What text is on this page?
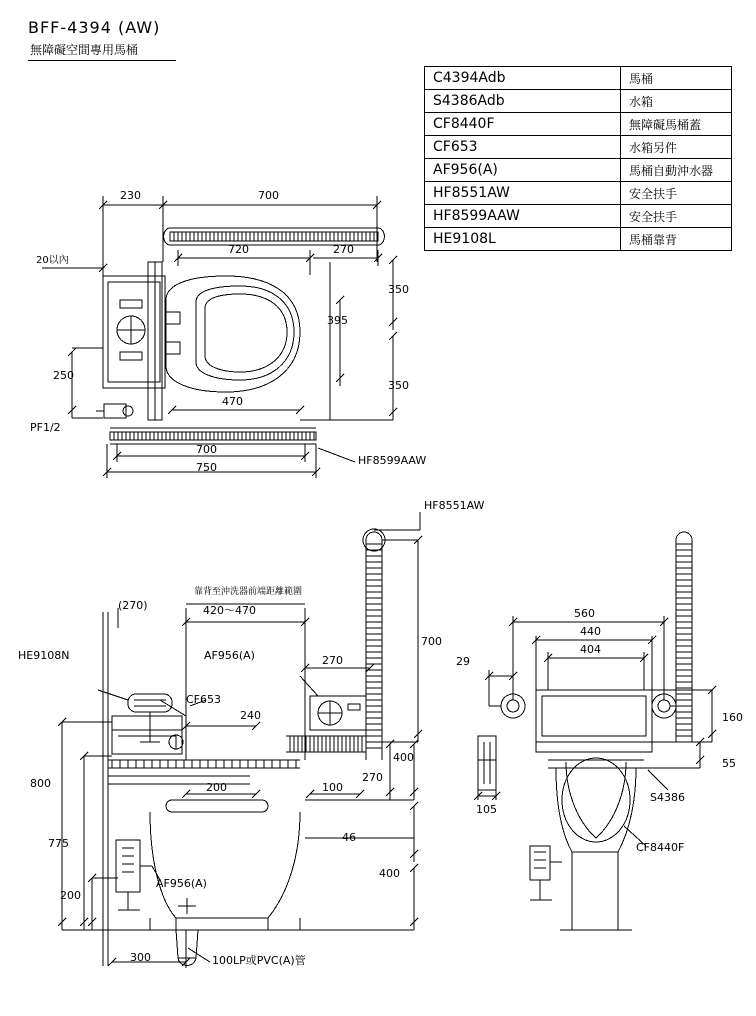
BFF-4394 (AW)
無障礙空間專用馬桶
C4394Adb	馬桶
S4386Adb	水箱
CF8440F	無障礙馬桶蓋
CF653	水箱另件
AF956(A)	馬桶自動沖水器
HF8551AW	安全扶手
HF8599AAW	安全扶手
HE9108L	馬桶靠背
230	700
20以內
720	270
350
395
250
350
470
700
750
PF1/2
HF8599AAW
HF8551AW
靠背至沖洗器前端距離範圍
(270)	420～470
270
700
HE9108N	AF956(A)
CF653
240
200	100
400
270
46
400
800
775
200
300
AF956(A)
100LP或PVC(A)管
560
440
404
29
160
55
105
S4386
CF8440F
